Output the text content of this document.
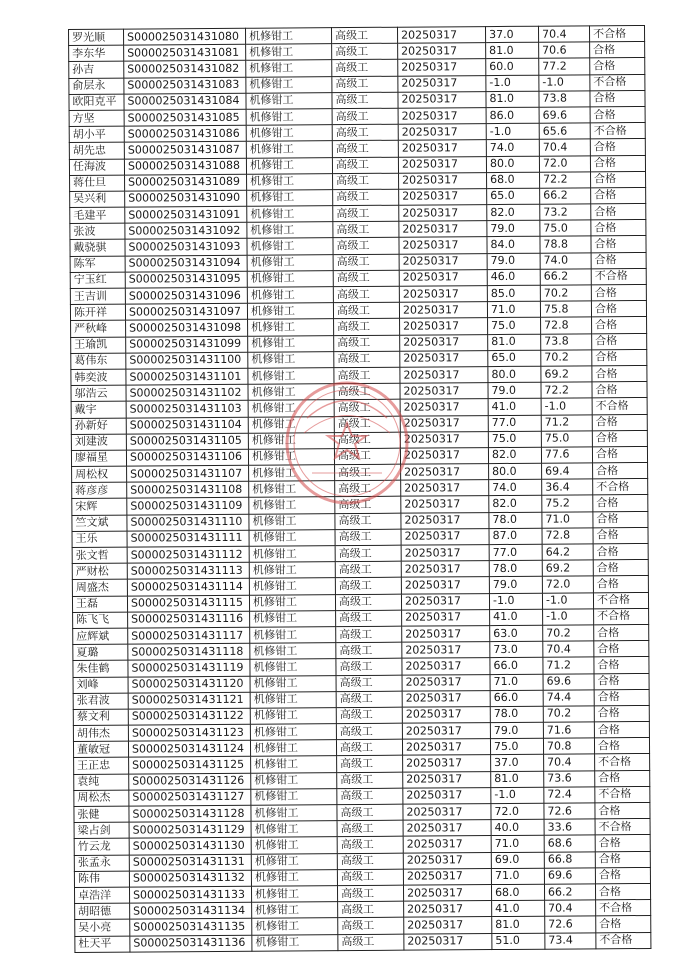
罗光顺	S000025031431080	机修钳工	高级工	20250317	37.0	70.4	不合格
李东华	S000025031431081	机修钳工	高级工	20250317	81.0	70.6	合格
孙吉	S000025031431082	机修钳工	高级工	20250317	60.0	77.2	合格
俞层永	S000025031431083	机修钳工	高级工	20250317	-1.0	-1.0	不合格
欧阳克平	S000025031431084	机修钳工	高级工	20250317	81.0	73.8	合格
方坚	S000025031431085	机修钳工	高级工	20250317	86.0	69.6	合格
胡小平	S000025031431086	机修钳工	高级工	20250317	-1.0	65.6	不合格
胡先忠	S000025031431087	机修钳工	高级工	20250317	74.0	70.4	合格
任海波	S000025031431088	机修钳工	高级工	20250317	80.0	72.0	合格
蒋仕旦	S000025031431089	机修钳工	高级工	20250317	68.0	72.2	合格
吴兴利	S000025031431090	机修钳工	高级工	20250317	65.0	66.2	合格
毛建平	S000025031431091	机修钳工	高级工	20250317	82.0	73.2	合格
张波	S000025031431092	机修钳工	高级工	20250317	79.0	75.0	合格
戴骁骐	S000025031431093	机修钳工	高级工	20250317	84.0	78.8	合格
陈军	S000025031431094	机修钳工	高级工	20250317	79.0	74.0	合格
宁玉红	S000025031431095	机修钳工	高级工	20250317	46.0	66.2	不合格
王吉训	S000025031431096	机修钳工	高级工	20250317	85.0	70.2	合格
陈开祥	S000025031431097	机修钳工	高级工	20250317	71.0	75.8	合格
严秋峰	S000025031431098	机修钳工	高级工	20250317	75.0	72.8	合格
王瑜凯	S000025031431099	机修钳工	高级工	20250317	81.0	73.8	合格
葛伟东	S000025031431100	机修钳工	高级工	20250317	65.0	70.2	合格
韩奕波	S000025031431101	机修钳工	高级工	20250317	80.0	69.2	合格
邬浩云	S000025031431102	机修钳工	高级工	20250317	79.0	72.2	合格
戴宇	S000025031431103	机修钳工	高级工	20250317	41.0	-1.0	不合格
孙新好	S000025031431104	机修钳工	高级工	20250317	77.0	71.2	合格
刘建波	S000025031431105	机修钳工	高级工	20250317	75.0	75.0	合格
廖福星	S000025031431106	机修钳工	高级工	20250317	82.0	77.6	合格
周松权	S000025031431107	机修钳工	高级工	20250317	80.0	69.4	合格
蒋彦彦	S000025031431108	机修钳工	高级工	20250317	74.0	36.4	不合格
宋辉	S000025031431109	机修钳工	高级工	20250317	82.0	75.2	合格
竺文斌	S000025031431110	机修钳工	高级工	20250317	78.0	71.0	合格
王乐	S000025031431111	机修钳工	高级工	20250317	87.0	72.8	合格
张文哲	S000025031431112	机修钳工	高级工	20250317	77.0	64.2	合格
严财松	S000025031431113	机修钳工	高级工	20250317	78.0	69.2	合格
周盛杰	S000025031431114	机修钳工	高级工	20250317	79.0	72.0	合格
王磊	S000025031431115	机修钳工	高级工	20250317	-1.0	-1.0	不合格
陈飞飞	S000025031431116	机修钳工	高级工	20250317	41.0	-1.0	不合格
应辉斌	S000025031431117	机修钳工	高级工	20250317	63.0	70.2	合格
夏璐	S000025031431118	机修钳工	高级工	20250317	73.0	70.4	合格
朱佳鹤	S000025031431119	机修钳工	高级工	20250317	66.0	71.2	合格
刘峰	S000025031431120	机修钳工	高级工	20250317	71.0	69.6	合格
张君波	S000025031431121	机修钳工	高级工	20250317	66.0	74.4	合格
蔡文利	S000025031431122	机修钳工	高级工	20250317	78.0	70.2	合格
胡伟杰	S000025031431123	机修钳工	高级工	20250317	79.0	71.6	合格
董敏冠	S000025031431124	机修钳工	高级工	20250317	75.0	70.8	合格
王正忠	S000025031431125	机修钳工	高级工	20250317	37.0	70.4	不合格
袁纯	S000025031431126	机修钳工	高级工	20250317	81.0	73.6	合格
周松杰	S000025031431127	机修钳工	高级工	20250317	-1.0	72.4	不合格
张健	S000025031431128	机修钳工	高级工	20250317	72.0	72.6	合格
梁占剑	S000025031431129	机修钳工	高级工	20250317	40.0	33.6	不合格
竹云龙	S000025031431130	机修钳工	高级工	20250317	71.0	68.6	合格
张孟永	S000025031431131	机修钳工	高级工	20250317	69.0	66.8	合格
陈伟	S000025031431132	机修钳工	高级工	20250317	71.0	69.6	合格
卓浩洋	S000025031431133	机修钳工	高级工	20250317	68.0	66.2	合格
胡昭德	S000025031431134	机修钳工	高级工	20250317	41.0	70.4	不合格
吴小亮	S000025031431135	机修钳工	高级工	20250317	81.0	72.6	合格
杜天平	S000025031431136	机修钳工	高级工	20250317	51.0	73.4	不合格
